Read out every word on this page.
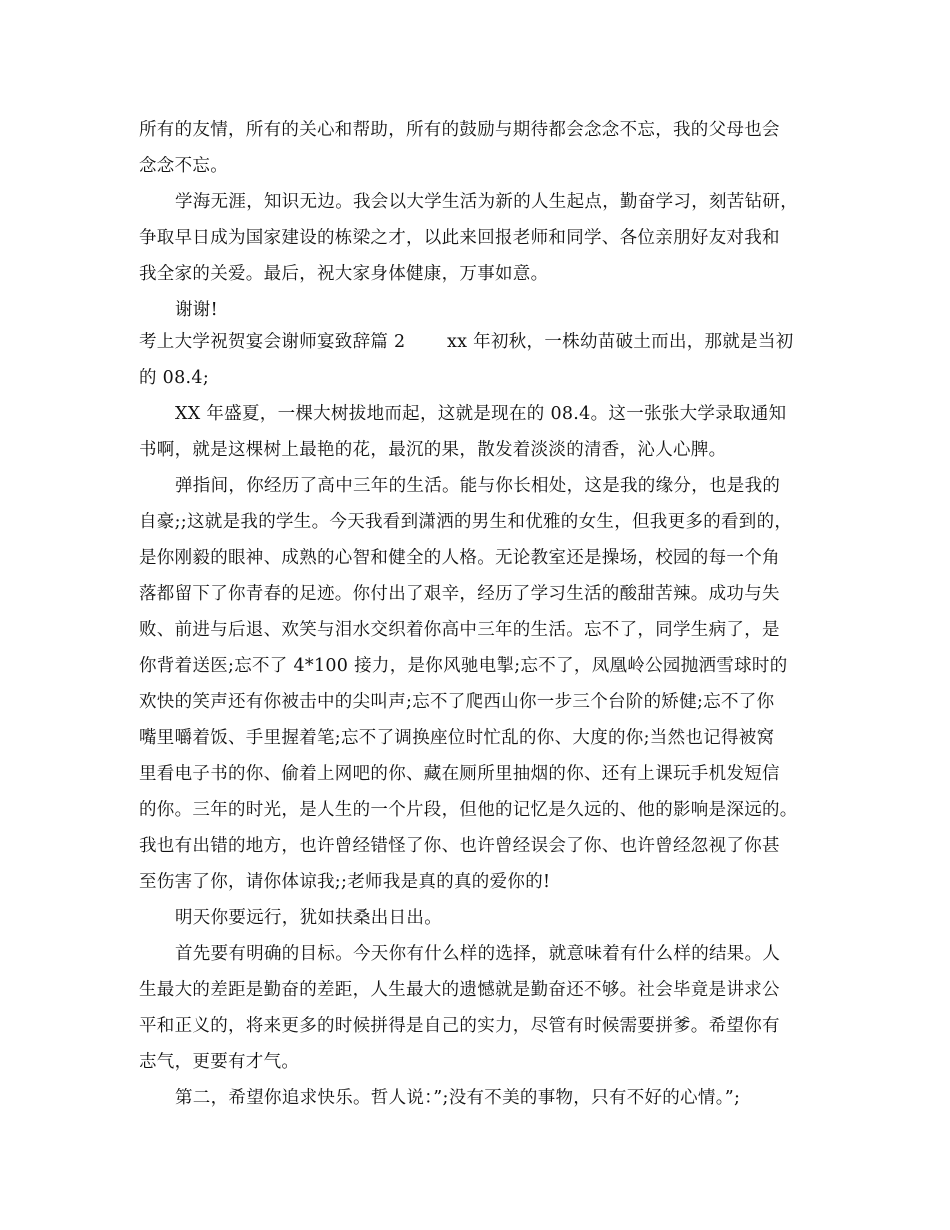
所有的友情，所有的关心和帮助，所有的鼓励与期待都会念念不忘，我的父母也会
念念不忘。
学海无涯，知识无边。我会以大学生活为新的人生起点，勤奋学习，刻苦钻研，
争取早日成为国家建设的栋梁之才，以此来回报老师和同学、各位亲朋好友对我和
我全家的关爱。最后，祝大家身体健康，万事如意。
谢谢!
考上大学祝贺宴会谢师宴致辞篇 2　　 xx 年初秋，一株幼苗破土而出，那就是当初
的 08.4;
XX 年盛夏，一棵大树拔地而起，这就是现在的 08.4。这一张张大学录取通知
书啊，就是这棵树上最艳的花，最沉的果，散发着淡淡的清香，沁人心脾。
弹指间，你经历了高中三年的生活。能与你长相处，这是我的缘分，也是我的
自豪;;这就是我的学生。今天我看到潇洒的男生和优雅的女生，但我更多的看到的，
是你刚毅的眼神、成熟的心智和健全的人格。无论教室还是操场，校园的每一个角
落都留下了你青春的足迹。你付出了艰辛，经历了学习生活的酸甜苦辣。成功与失
败、前进与后退、欢笑与泪水交织着你高中三年的生活。忘不了，同学生病了，是
你背着送医;忘不了 4*100 接力，是你风驰电掣;忘不了，凤凰岭公园抛洒雪球时的
欢快的笑声还有你被击中的尖叫声;忘不了爬西山你一步三个台阶的矫健;忘不了你
嘴里嚼着饭、手里握着笔;忘不了调换座位时忙乱的你、大度的你;当然也记得被窝
里看电子书的你、偷着上网吧的你、藏在厕所里抽烟的你、还有上课玩手机发短信
的你。三年的时光，是人生的一个片段，但他的记忆是久远的、他的影响是深远的。
我也有出错的地方，也许曾经错怪了你、也许曾经误会了你、也许曾经忽视了你甚
至伤害了你，请你体谅我;;老师我是真的真的爱你的!
明天你要远行，犹如扶桑出日出。
首先要有明确的目标。今天你有什么样的选择，就意味着有什么样的结果。人
生最大的差距是勤奋的差距，人生最大的遗憾就是勤奋还不够。社会毕竟是讲求公
平和正义的，将来更多的时候拼得是自己的实力，尽管有时候需要拼爹。希望你有
志气，更要有才气。
第二，希望你追求快乐。哲人说：”;没有不美的事物，只有不好的心情。”;
